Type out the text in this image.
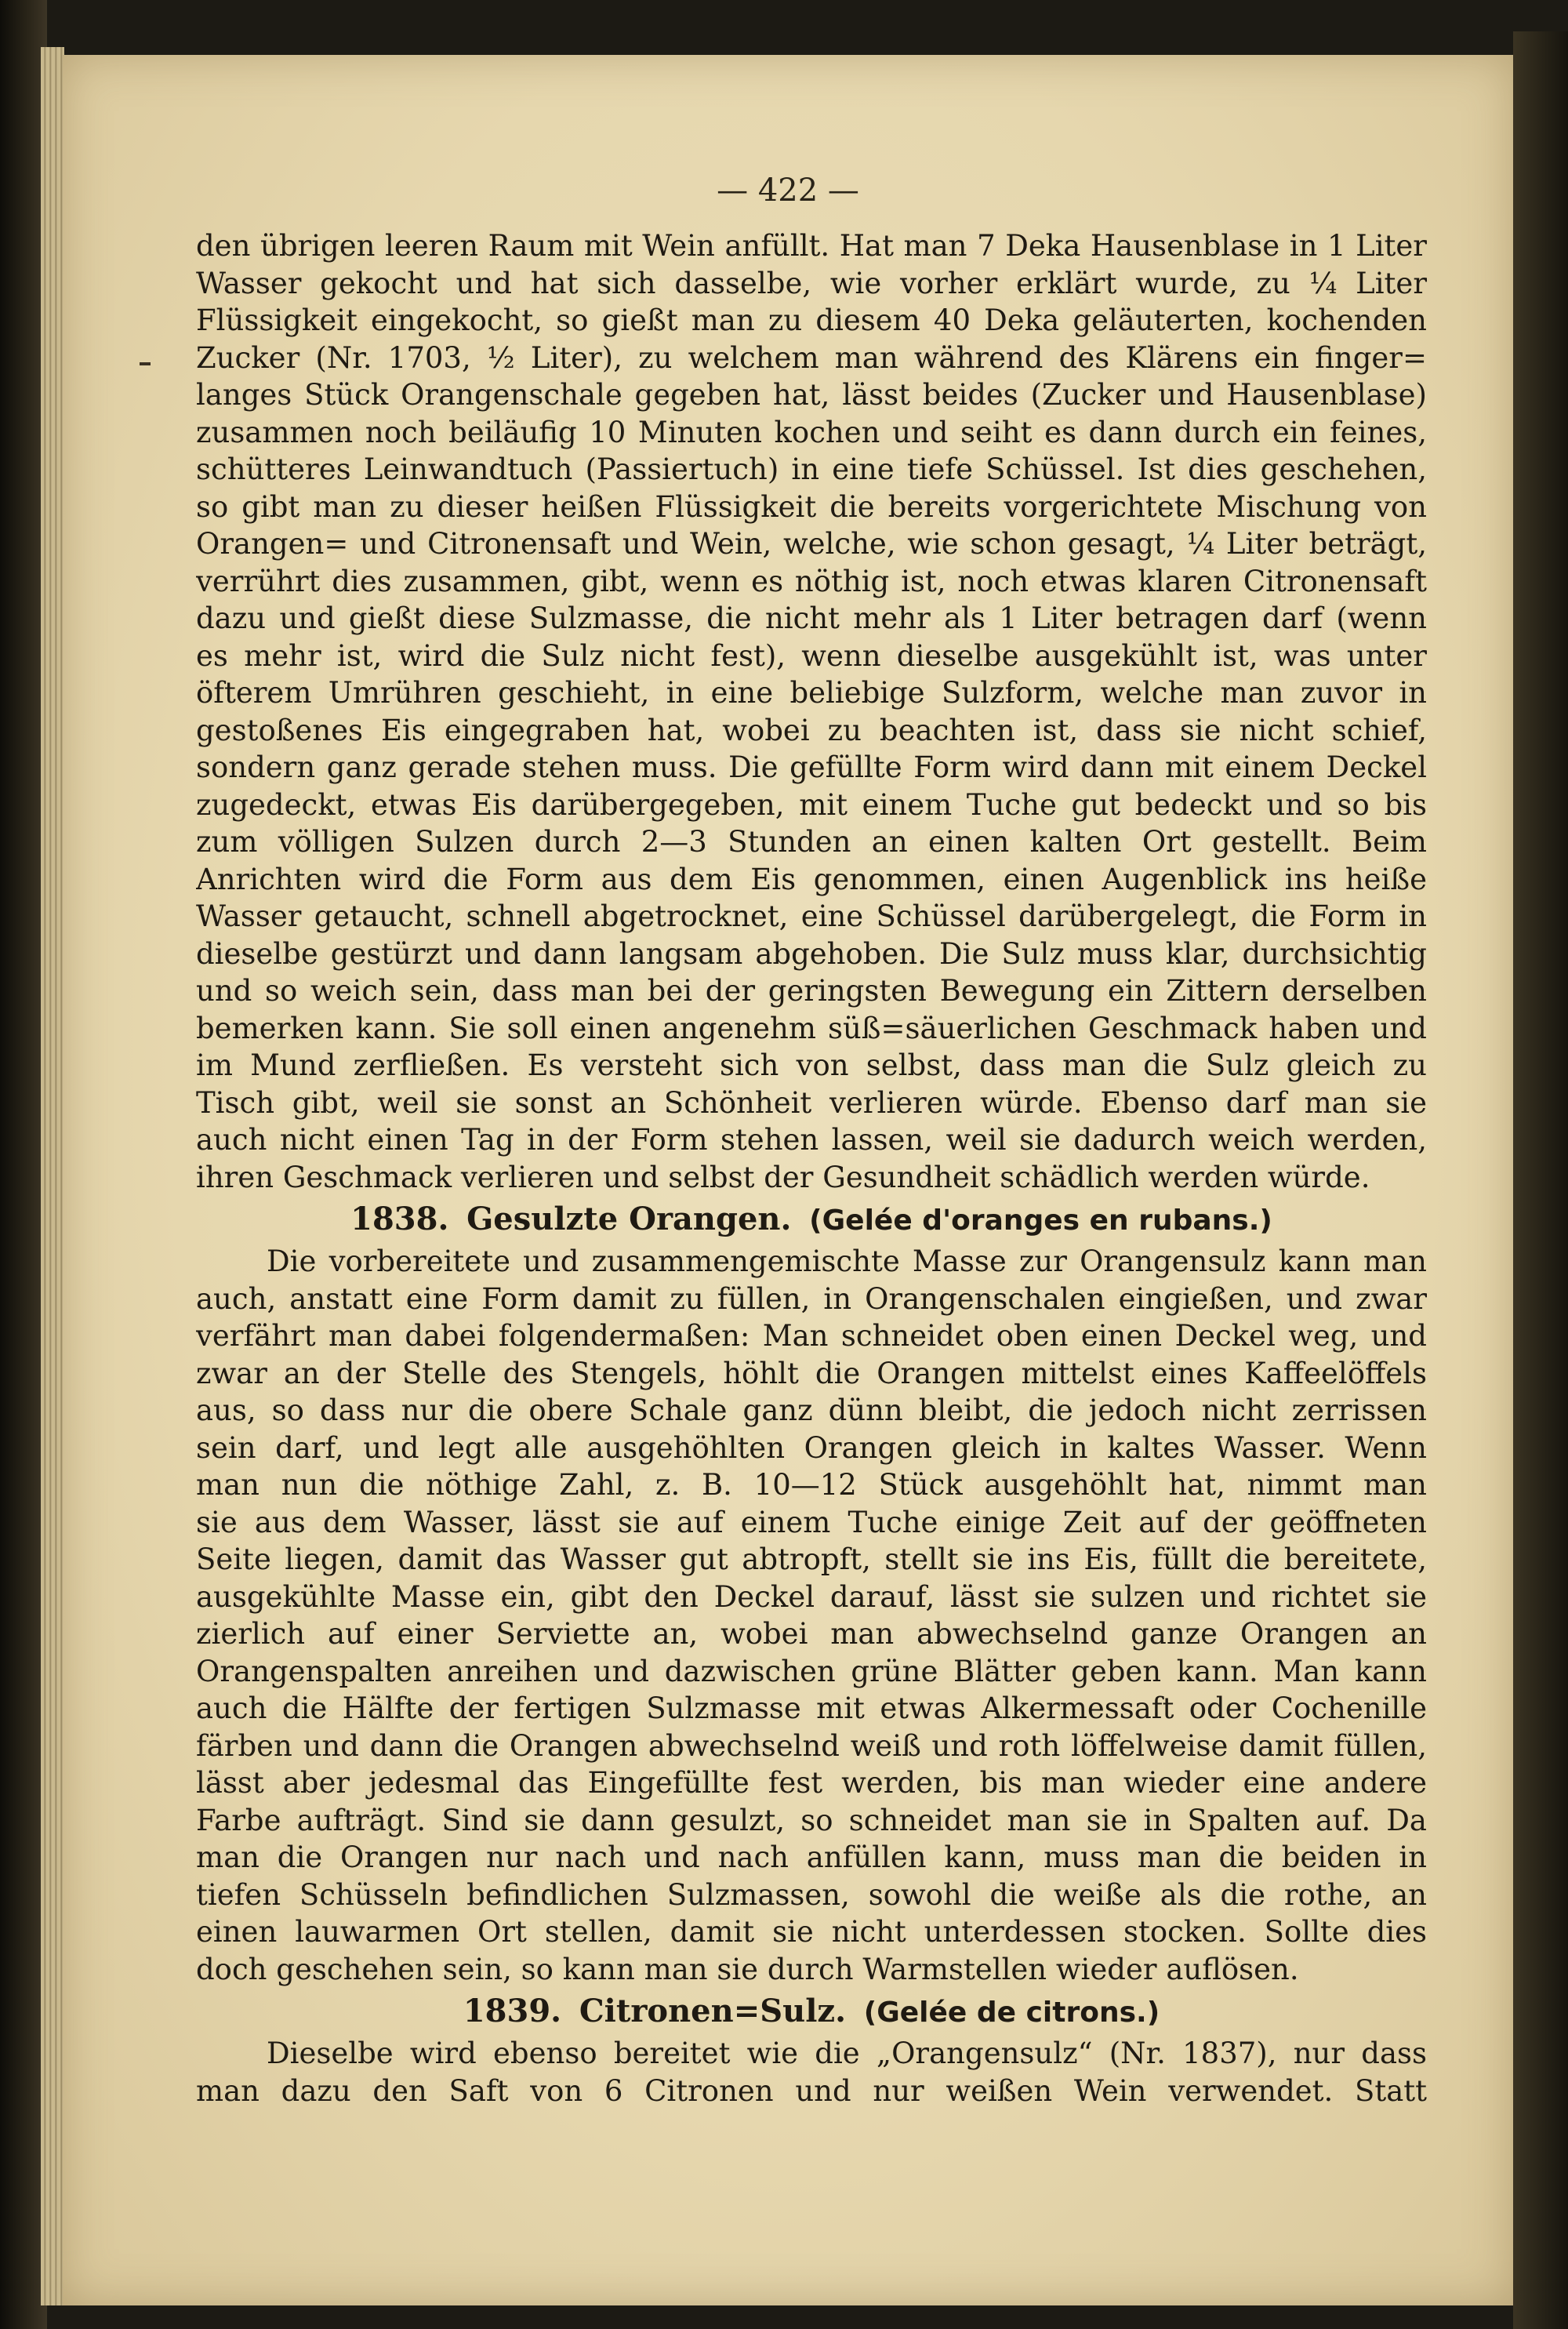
— 422 —
den übrigen leeren Raum mit Wein anfüllt. Hat man 7 Deka Hausenblase in 1 Liter
Wasser gekocht und hat sich dasselbe, wie vorher erklärt wurde, zu ¼ Liter
Flüssigkeit eingekocht, so gießt man zu diesem 40 Deka geläuterten, kochenden
Zucker (Nr. 1703, ½ Liter), zu welchem man während des Klärens ein finger=
langes Stück Orangenschale gegeben hat, lässt beides (Zucker und Hausenblase)
zusammen noch beiläufig 10 Minuten kochen und seiht es dann durch ein feines,
schütteres Leinwandtuch (Passiertuch) in eine tiefe Schüssel. Ist dies geschehen,
so gibt man zu dieser heißen Flüssigkeit die bereits vorgerichtete Mischung von
Orangen= und Citronensaft und Wein, welche, wie schon gesagt, ¼ Liter beträgt,
verrührt dies zusammen, gibt, wenn es nöthig ist, noch etwas klaren Citronensaft
dazu und gießt diese Sulzmasse, die nicht mehr als 1 Liter betragen darf (wenn
es mehr ist, wird die Sulz nicht fest), wenn dieselbe ausgekühlt ist, was unter
öfterem Umrühren geschieht, in eine beliebige Sulzform, welche man zuvor in
gestoßenes Eis eingegraben hat, wobei zu beachten ist, dass sie nicht schief,
sondern ganz gerade stehen muss. Die gefüllte Form wird dann mit einem Deckel
zugedeckt, etwas Eis darübergegeben, mit einem Tuche gut bedeckt und so bis
zum völligen Sulzen durch 2—3 Stunden an einen kalten Ort gestellt. Beim
Anrichten wird die Form aus dem Eis genommen, einen Augenblick ins heiße
Wasser getaucht, schnell abgetrocknet, eine Schüssel darübergelegt, die Form in
dieselbe gestürzt und dann langsam abgehoben. Die Sulz muss klar, durchsichtig
und so weich sein, dass man bei der geringsten Bewegung ein Zittern derselben
bemerken kann. Sie soll einen angenehm süß=säuerlichen Geschmack haben und
im Mund zerfließen. Es versteht sich von selbst, dass man die Sulz gleich zu
Tisch gibt, weil sie sonst an Schönheit verlieren würde. Ebenso darf man sie
auch nicht einen Tag in der Form stehen lassen, weil sie dadurch weich werden,
ihren Geschmack verlieren und selbst der Gesundheit schädlich werden würde.
1838. Gesulzte Orangen. (Gelée d'oranges en rubans.)
Die vorbereitete und zusammengemischte Masse zur Orangensulz kann man
auch, anstatt eine Form damit zu füllen, in Orangenschalen eingießen, und zwar
verfährt man dabei folgendermaßen: Man schneidet oben einen Deckel weg, und
zwar an der Stelle des Stengels, höhlt die Orangen mittelst eines Kaffeelöffels
aus, so dass nur die obere Schale ganz dünn bleibt, die jedoch nicht zerrissen
sein darf, und legt alle ausgehöhlten Orangen gleich in kaltes Wasser. Wenn
man nun die nöthige Zahl, z. B. 10—12 Stück ausgehöhlt hat, nimmt man
sie aus dem Wasser, lässt sie auf einem Tuche einige Zeit auf der geöffneten
Seite liegen, damit das Wasser gut abtropft, stellt sie ins Eis, füllt die bereitete,
ausgekühlte Masse ein, gibt den Deckel darauf, lässt sie sulzen und richtet sie
zierlich auf einer Serviette an, wobei man abwechselnd ganze Orangen an
Orangenspalten anreihen und dazwischen grüne Blätter geben kann. Man kann
auch die Hälfte der fertigen Sulzmasse mit etwas Alkermessaft oder Cochenille
färben und dann die Orangen abwechselnd weiß und roth löffelweise damit füllen,
lässt aber jedesmal das Eingefüllte fest werden, bis man wieder eine andere
Farbe aufträgt. Sind sie dann gesulzt, so schneidet man sie in Spalten auf. Da
man die Orangen nur nach und nach anfüllen kann, muss man die beiden in
tiefen Schüsseln befindlichen Sulzmassen, sowohl die weiße als die rothe, an
einen lauwarmen Ort stellen, damit sie nicht unterdessen stocken. Sollte dies
doch geschehen sein, so kann man sie durch Warmstellen wieder auflösen.
1839. Citronen=Sulz. (Gelée de citrons.)
Dieselbe wird ebenso bereitet wie die „Orangensulz“ (Nr. 1837), nur dass
man dazu den Saft von 6 Citronen und nur weißen Wein verwendet. Statt
